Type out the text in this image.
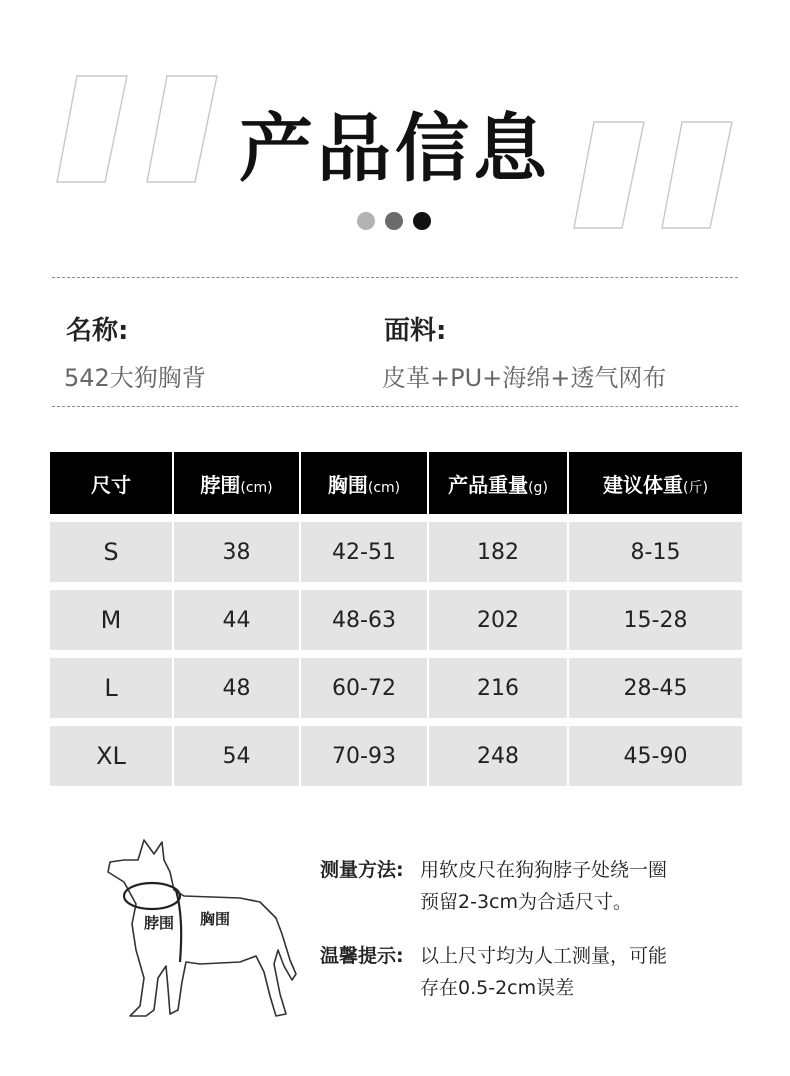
产品信息
名称:
542大狗胸背
面料:
皮革+PU+海绵+透气网布
尺寸	脖围(cm)	胸围(cm)	产品重量(g)	建议体重(斤)

S	38	42-51	182	8-15

M	44	48-63	202	15-28

L	48	60-72	216	28-45

XL	54	70-93	248	45-90
脖围 胸围
测量方法: 用软皮尺在狗狗脖子处绕一圈
预留2-3cm为合适尺寸。
温馨提示: 以上尺寸均为人工测量，可能
存在0.5-2cm误差
